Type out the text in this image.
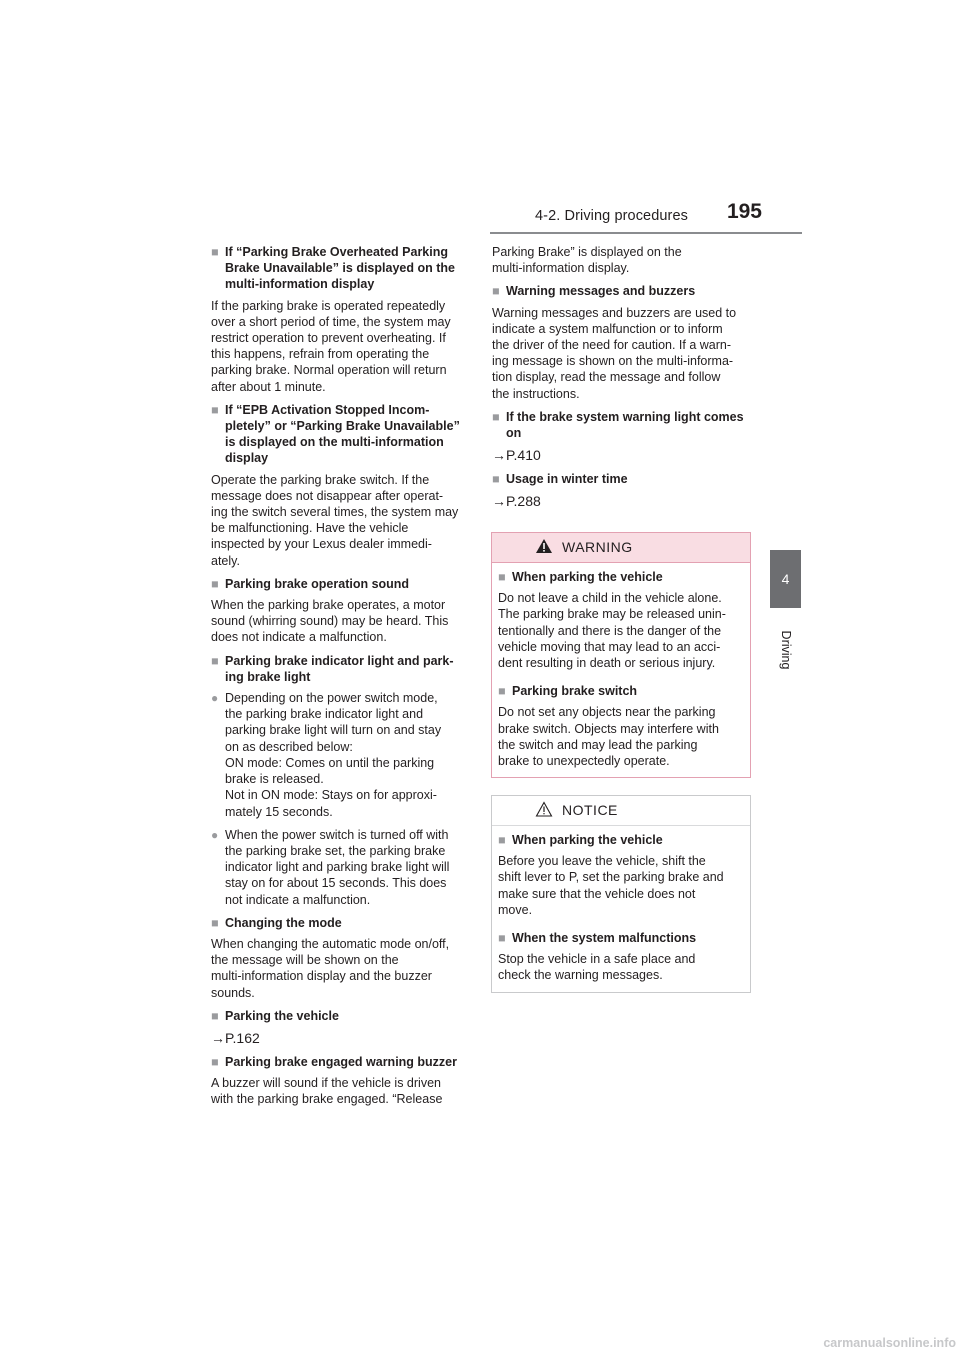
4-2. Driving procedures	195
4
Driving
■ If “Parking Brake Overheated Parking
Brake Unavailable” is displayed on the
multi-information display
If the parking brake is operated repeatedly
over a short period of time, the system may
restrict operation to prevent overheating. If
this happens, refrain from operating the
parking brake. Normal operation will return
after about 1 minute.
■ If “EPB Activation Stopped Incom-
pletely” or “Parking Brake Unavailable”
is displayed on the multi-information
display
Operate the parking brake switch. If the
message does not disappear after operat-
ing the switch several times, the system may
be malfunctioning. Have the vehicle
inspected by your Lexus dealer immedi-
ately.
■ Parking brake operation sound
When the parking brake operates, a motor
sound (whirring sound) may be heard. This
does not indicate a malfunction.
■ Parking brake indicator light and park-
ing brake light
● Depending on the power switch mode,
the parking brake indicator light and
parking brake light will turn on and stay
on as described below:
ON mode: Comes on until the parking
brake is released.
Not in ON mode: Stays on for approxi-
mately 15 seconds.
● When the power switch is turned off with
the parking brake set, the parking brake
indicator light and parking brake light will
stay on for about 15 seconds. This does
not indicate a malfunction.
■ Changing the mode
When changing the automatic mode on/off,
the message will be shown on the
multi-information display and the buzzer
sounds.
■ Parking the vehicle
→P.162
■ Parking brake engaged warning buzzer
A buzzer will sound if the vehicle is driven
with the parking brake engaged. “Release
Parking Brake” is displayed on the
multi-information display.
■ Warning messages and buzzers
Warning messages and buzzers are used to
indicate a system malfunction or to inform
the driver of the need for caution. If a warn-
ing message is shown on the multi-informa-
tion display, read the message and follow
the instructions.
■ If the brake system warning light comes
on
→P.410
■ Usage in winter time
→P.288
WARNING
■ When parking the vehicle
Do not leave a child in the vehicle alone.
The parking brake may be released unin-
tentionally and there is the danger of the
vehicle moving that may lead to an acci-
dent resulting in death or serious injury.
■ Parking brake switch
Do not set any objects near the parking
brake switch. Objects may interfere with
the switch and may lead the parking
brake to unexpectedly operate.
NOTICE
■ When parking the vehicle
Before you leave the vehicle, shift the
shift lever to P, set the parking brake and
make sure that the vehicle does not
move.
■ When the system malfunctions
Stop the vehicle in a safe place and
check the warning messages.
carmanualsonline.info
